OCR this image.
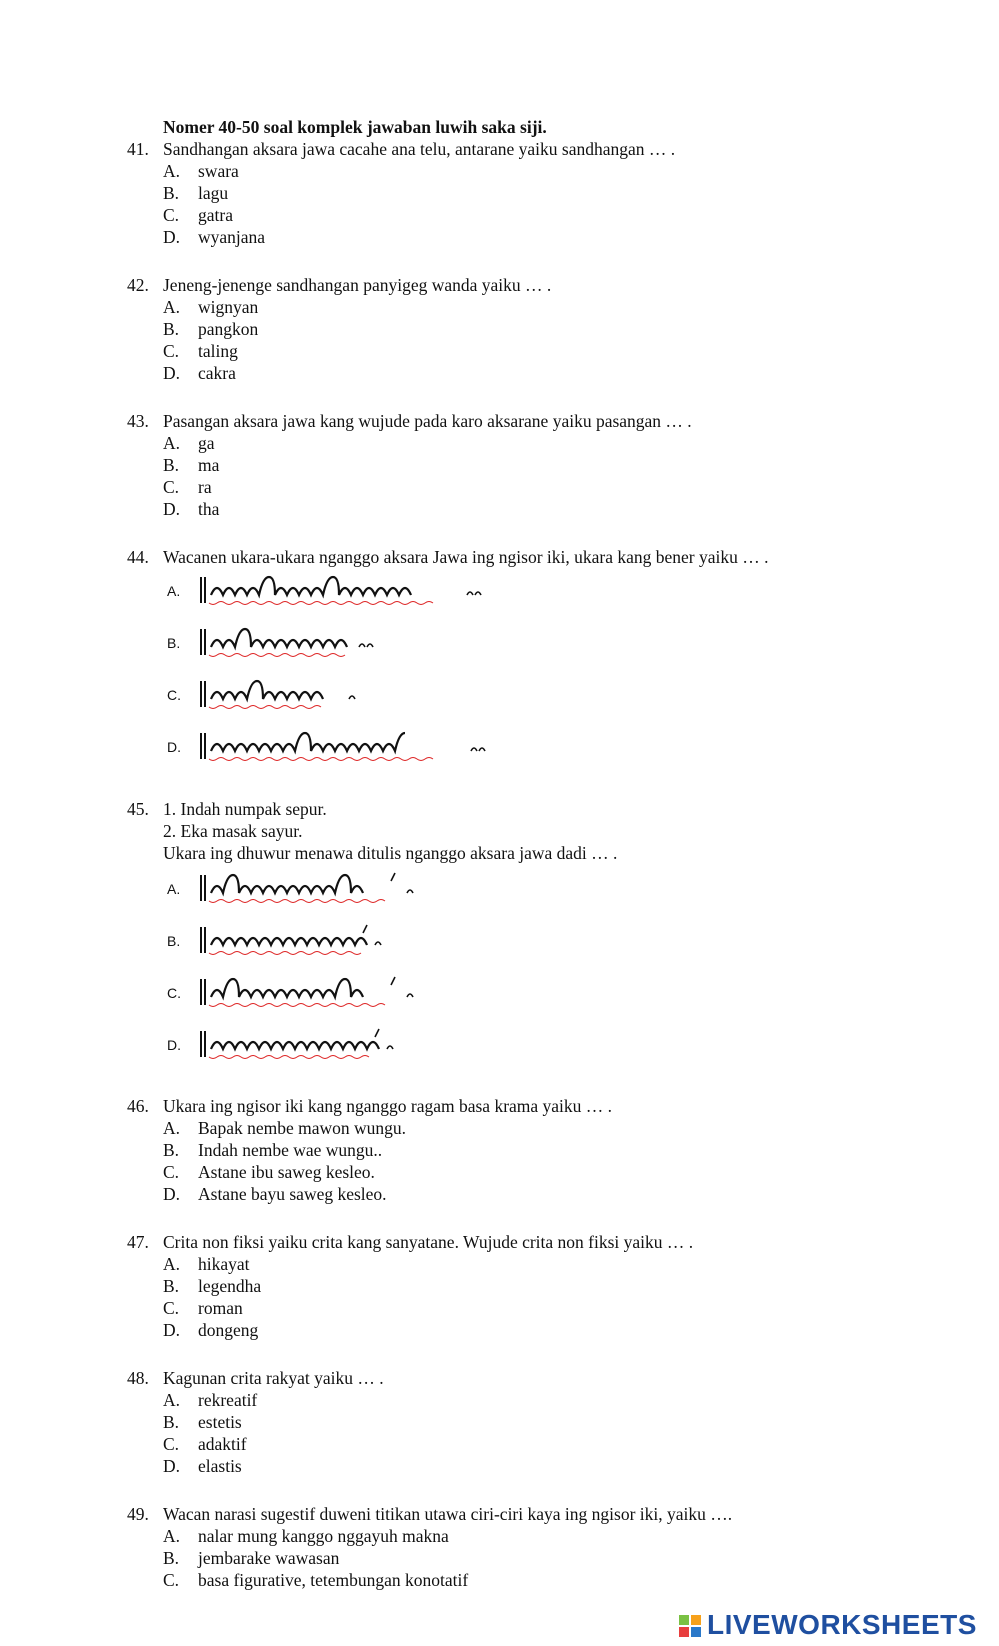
Nomer 40-50 soal komplek jawaban luwih saka siji.
41. Sandhangan aksara jawa cacahe ana telu, antarane yaiku sandhangan … .
A. swara
B. lagu
C. gatra
D. wyanjana
42. Jeneng-jenenge sandhangan panyigeg wanda yaiku … .
A. wignyan
B. pangkon
C. taling
D. cakra
43. Pasangan aksara jawa kang wujude pada karo aksarane yaiku pasangan … .
A. ga
B. ma
C. ra
D. tha
44. Wacanen ukara-ukara nganggo aksara Jawa ing ngisor iki, ukara kang bener yaiku … .
A.
B.
C.
D.
45. 1. Indah numpak sepur.
2. Eka masak sayur.
Ukara ing dhuwur menawa ditulis nganggo aksara jawa dadi … .
A.
B.
C.
D.
46. Ukara ing ngisor iki kang nganggo ragam basa krama yaiku … .
A. Bapak nembe mawon wungu.
B. Indah nembe wae wungu..
C. Astane ibu saweg kesleo.
D. Astane bayu saweg kesleo.
47. Crita non fiksi yaiku crita kang sanyatane. Wujude crita non fiksi yaiku … .
A. hikayat
B. legendha
C. roman
D. dongeng
48. Kagunan crita rakyat yaiku … .
A. rekreatif
B. estetis
C. adaktif
D. elastis
49. Wacan narasi sugestif duweni titikan utawa ciri-ciri kaya ing ngisor iki, yaiku ….
A. nalar mung kanggo nggayuh makna
B. jembarake wawasan
C. basa figurative, tetembungan konotatif
LIVEWORKSHEETS
